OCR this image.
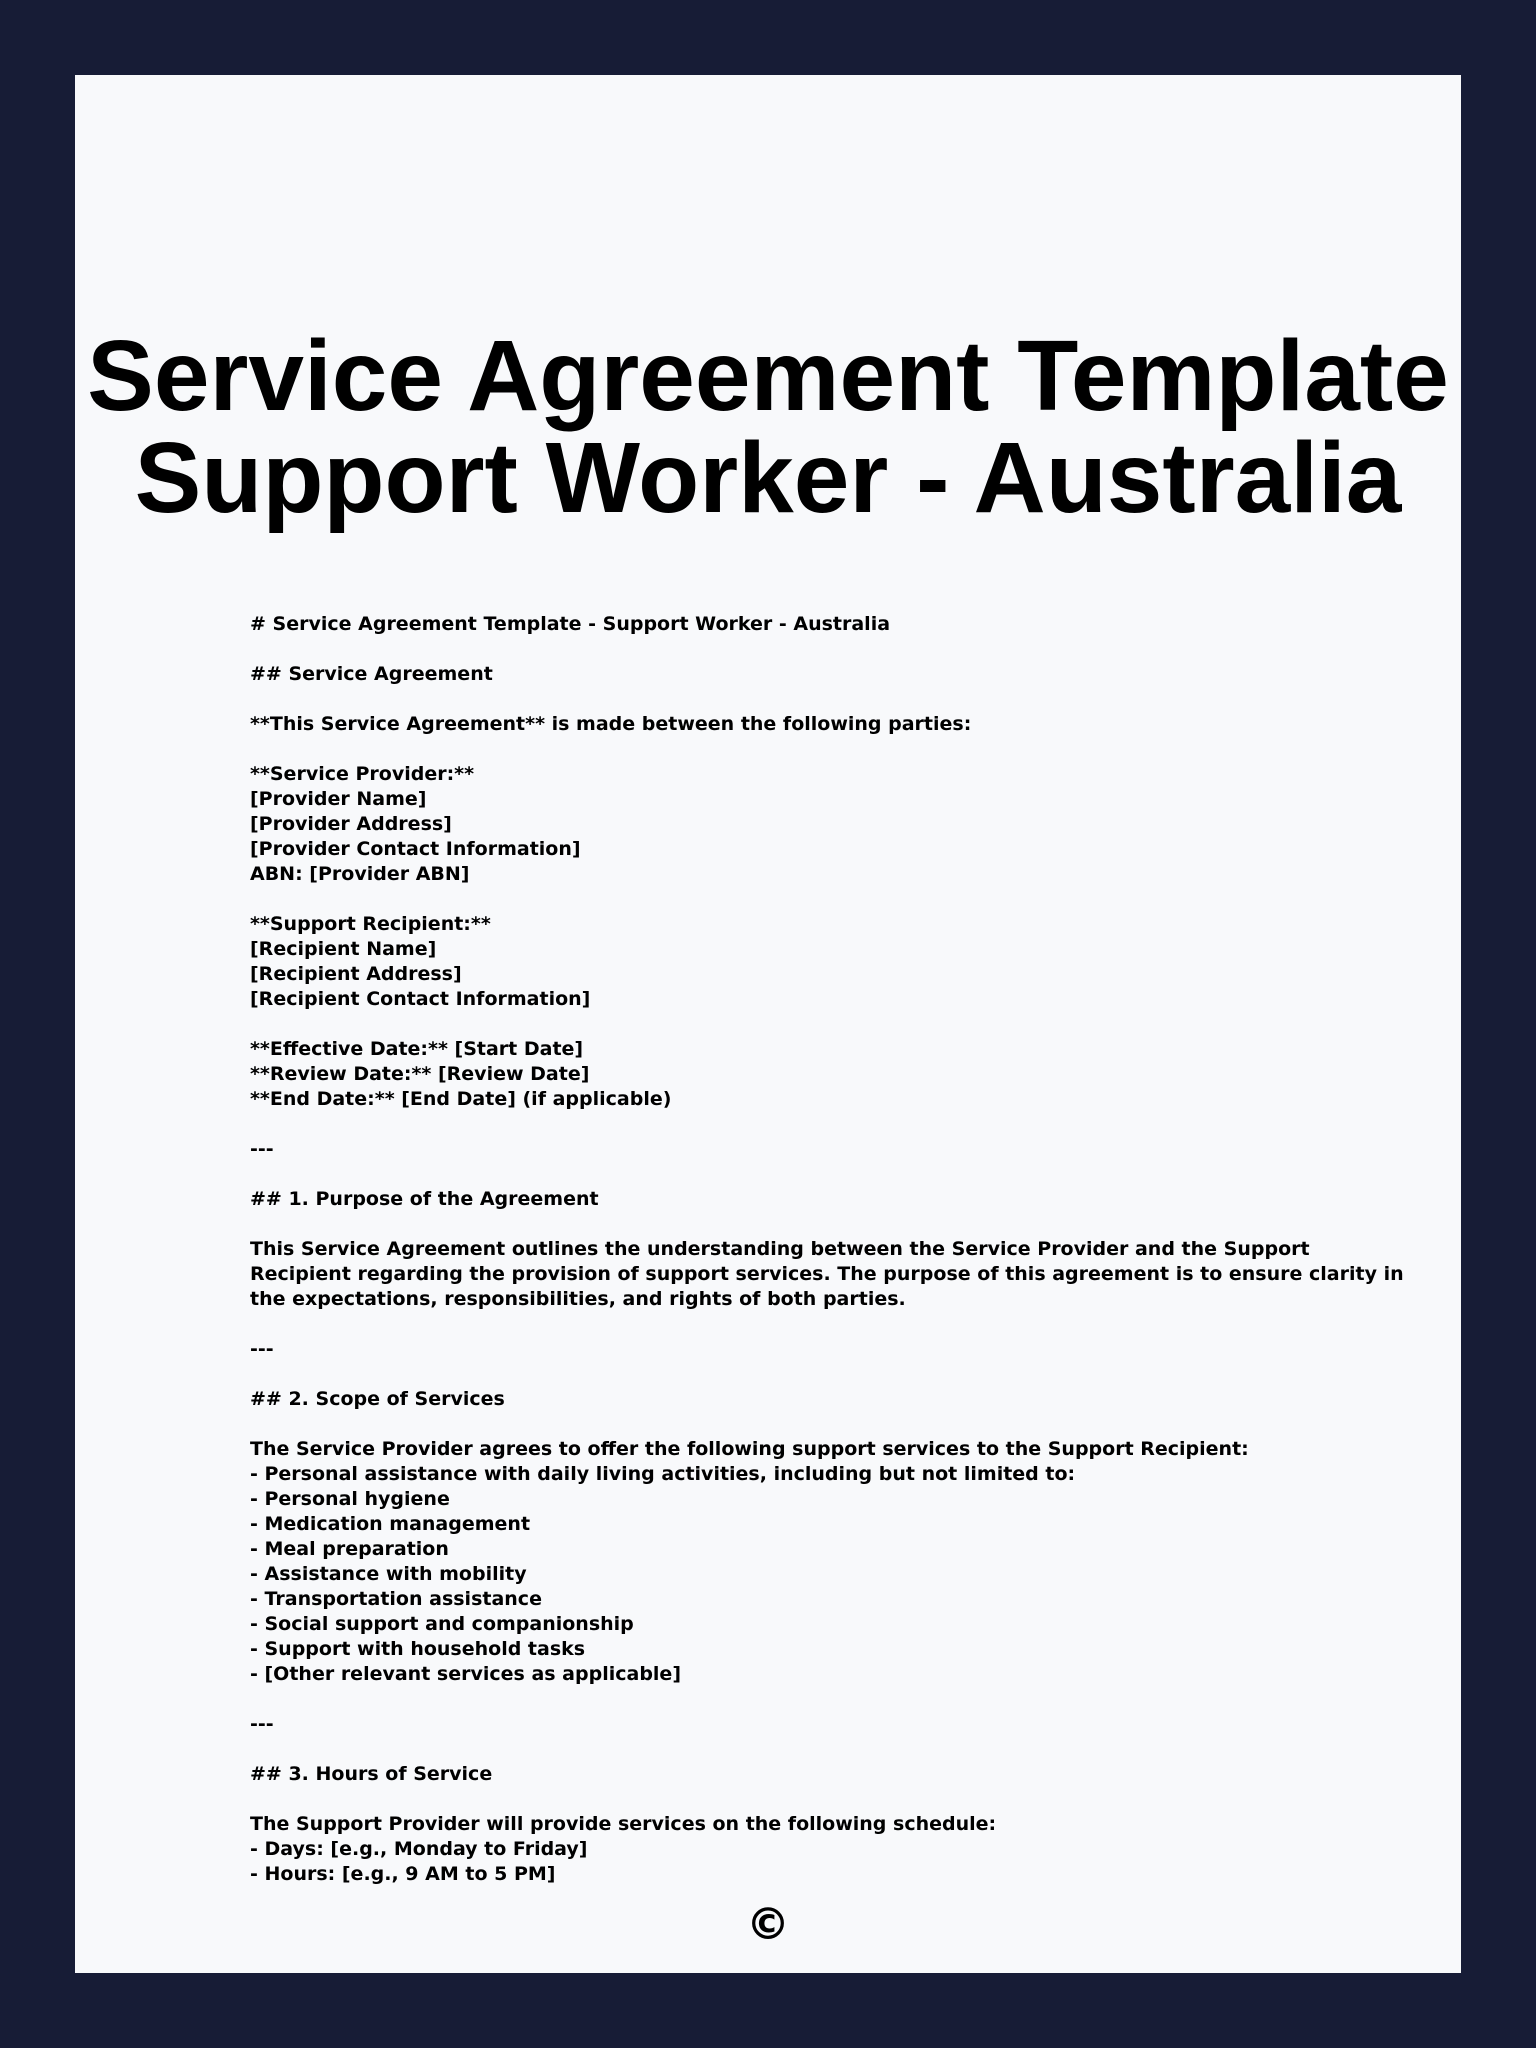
Service Agreement Template
Support Worker - Australia
# Service Agreement Template - Support Worker - Australia
## Service Agreement
**This Service Agreement** is made between the following parties:
**Service Provider:**
[Provider Name]
[Provider Address]
[Provider Contact Information]
ABN: [Provider ABN]
**Support Recipient:**
[Recipient Name]
[Recipient Address]
[Recipient Contact Information]
**Effective Date:** [Start Date]
**Review Date:** [Review Date]
**End Date:** [End Date] (if applicable)
---
## 1. Purpose of the Agreement
This Service Agreement outlines the understanding between the Service Provider and the Support
Recipient regarding the provision of support services. The purpose of this agreement is to ensure clarity in
the expectations, responsibilities, and rights of both parties.
---
## 2. Scope of Services
The Service Provider agrees to offer the following support services to the Support Recipient:
- Personal assistance with daily living activities, including but not limited to:
- Personal hygiene
- Medication management
- Meal preparation
- Assistance with mobility
- Transportation assistance
- Social support and companionship
- Support with household tasks
- [Other relevant services as applicable]
---
## 3. Hours of Service
The Support Provider will provide services on the following schedule:
- Days: [e.g., Monday to Friday]
- Hours: [e.g., 9 AM to 5 PM]
©
